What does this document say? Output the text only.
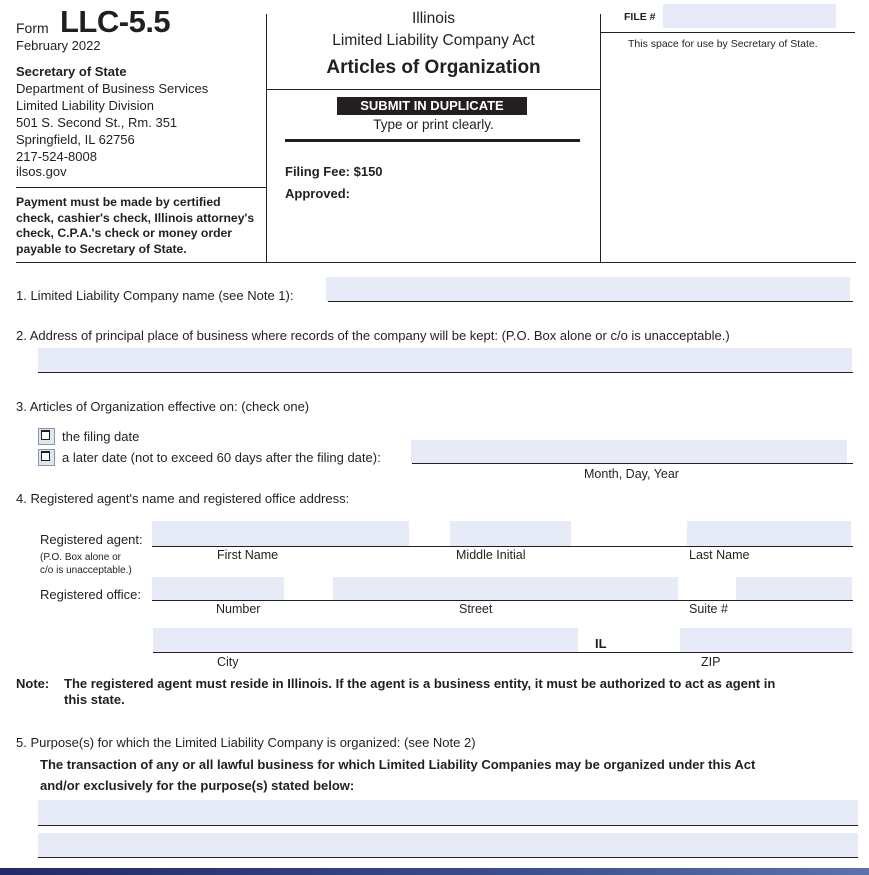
Form LLC-5.5
February 2022
Secretary of State
Department of Business Services
Limited Liability Division
501 S. Second St., Rm. 351
Springfield, IL 62756
217-524-8008
ilsos.gov
Payment must be made by certified
check, cashier's check, Illinois attorney's
check, C.P.A.'s check or money order
payable to Secretary of State.
Illinois
Limited Liability Company Act
Articles of Organization
SUBMIT IN DUPLICATE
Type or print clearly.
Filing Fee: $150
Approved:
FILE #
This space for use by Secretary of State.
1. Limited Liability Company name (see Note 1):
2. Address of principal place of business where records of the company will be kept: (P.O. Box alone or c/o is unacceptable.)
3. Articles of Organization effective on: (check one)
the filing date
a later date (not to exceed 60 days after the filing date):
Month, Day, Year
4. Registered agent's name and registered office address:
Registered agent:
(P.O. Box alone or
c/o is unacceptable.)
First Name	Middle Initial	Last Name
Registered office:
Number	Street	Suite #
IL
City	ZIP
Note: The registered agent must reside in Illinois. If the agent is a business entity, it must be authorized to act as agent in
this state.
5. Purpose(s) for which the Limited Liability Company is organized: (see Note 2)
The transaction of any or all lawful business for which Limited Liability Companies may be organized under this Act
and/or exclusively for the purpose(s) stated below:
